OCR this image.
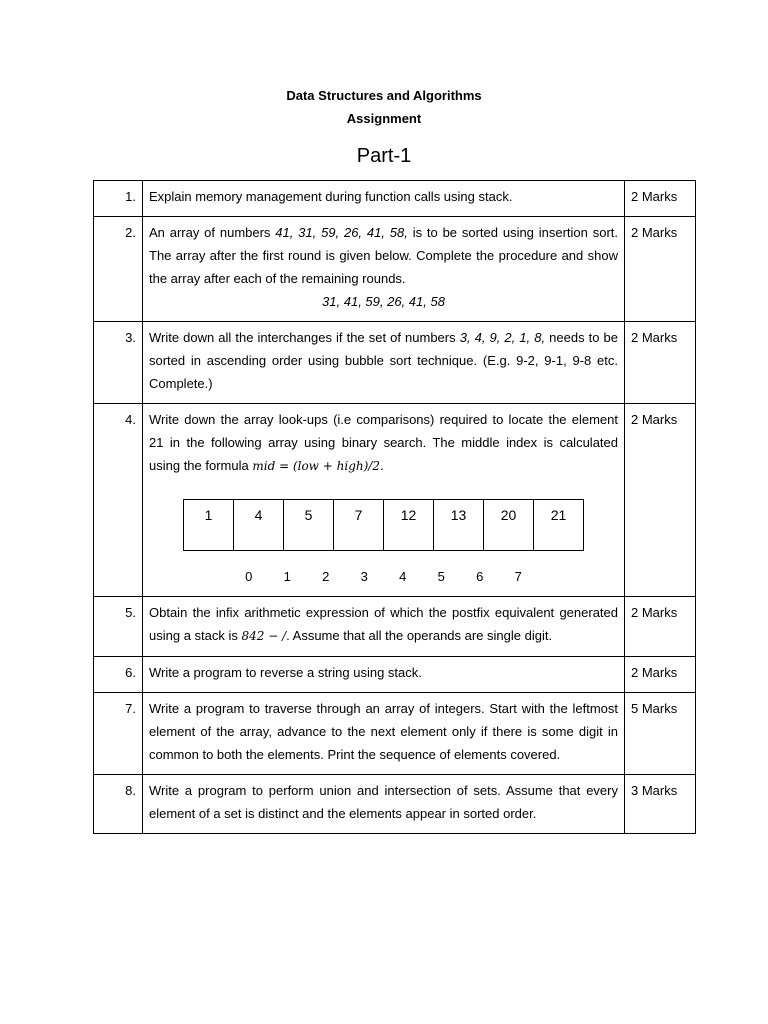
Data Structures and Algorithms
Assignment
Part-1
1.	Explain memory management during function calls using stack.	2 Marks
2.	An array of numbers 41, 31, 59, 26, 41, 58, is to be sorted using insertion sort. The array after the first round is given below. Complete the procedure and show the array after each of the remaining rounds.
31, 41, 59, 26, 41, 58
	2 Marks
3.	Write down all the interchanges if the set of numbers 3, 4, 9, 2, 1, 8, needs to be sorted in ascending order using bubble sort technique. (E.g. 9-2, 9-1, 9-8 etc. Complete.)	2 Marks
4.	Write down the array look-ups (i.e comparisons) required to locate the element 21 in the following array using binary search. The middle index is calculated using the formula mid = (low + high)/2.
1	4	5	7	12	13	20	21
0	1	2	3	4	5	6	7
	2 Marks
5.	Obtain the infix arithmetic expression of which the postfix equivalent generated using a stack is 842 − /. Assume that all the operands are single digit.	2 Marks
6.	Write a program to reverse a string using stack.	2 Marks
7.	Write a program to traverse through an array of integers. Start with the leftmost element of the array, advance to the next element only if there is some digit in common to both the elements. Print the sequence of elements covered.	5 Marks
8.	Write a program to perform union and intersection of sets. Assume that every element of a set is distinct and the elements appear in sorted order.	3 Marks
